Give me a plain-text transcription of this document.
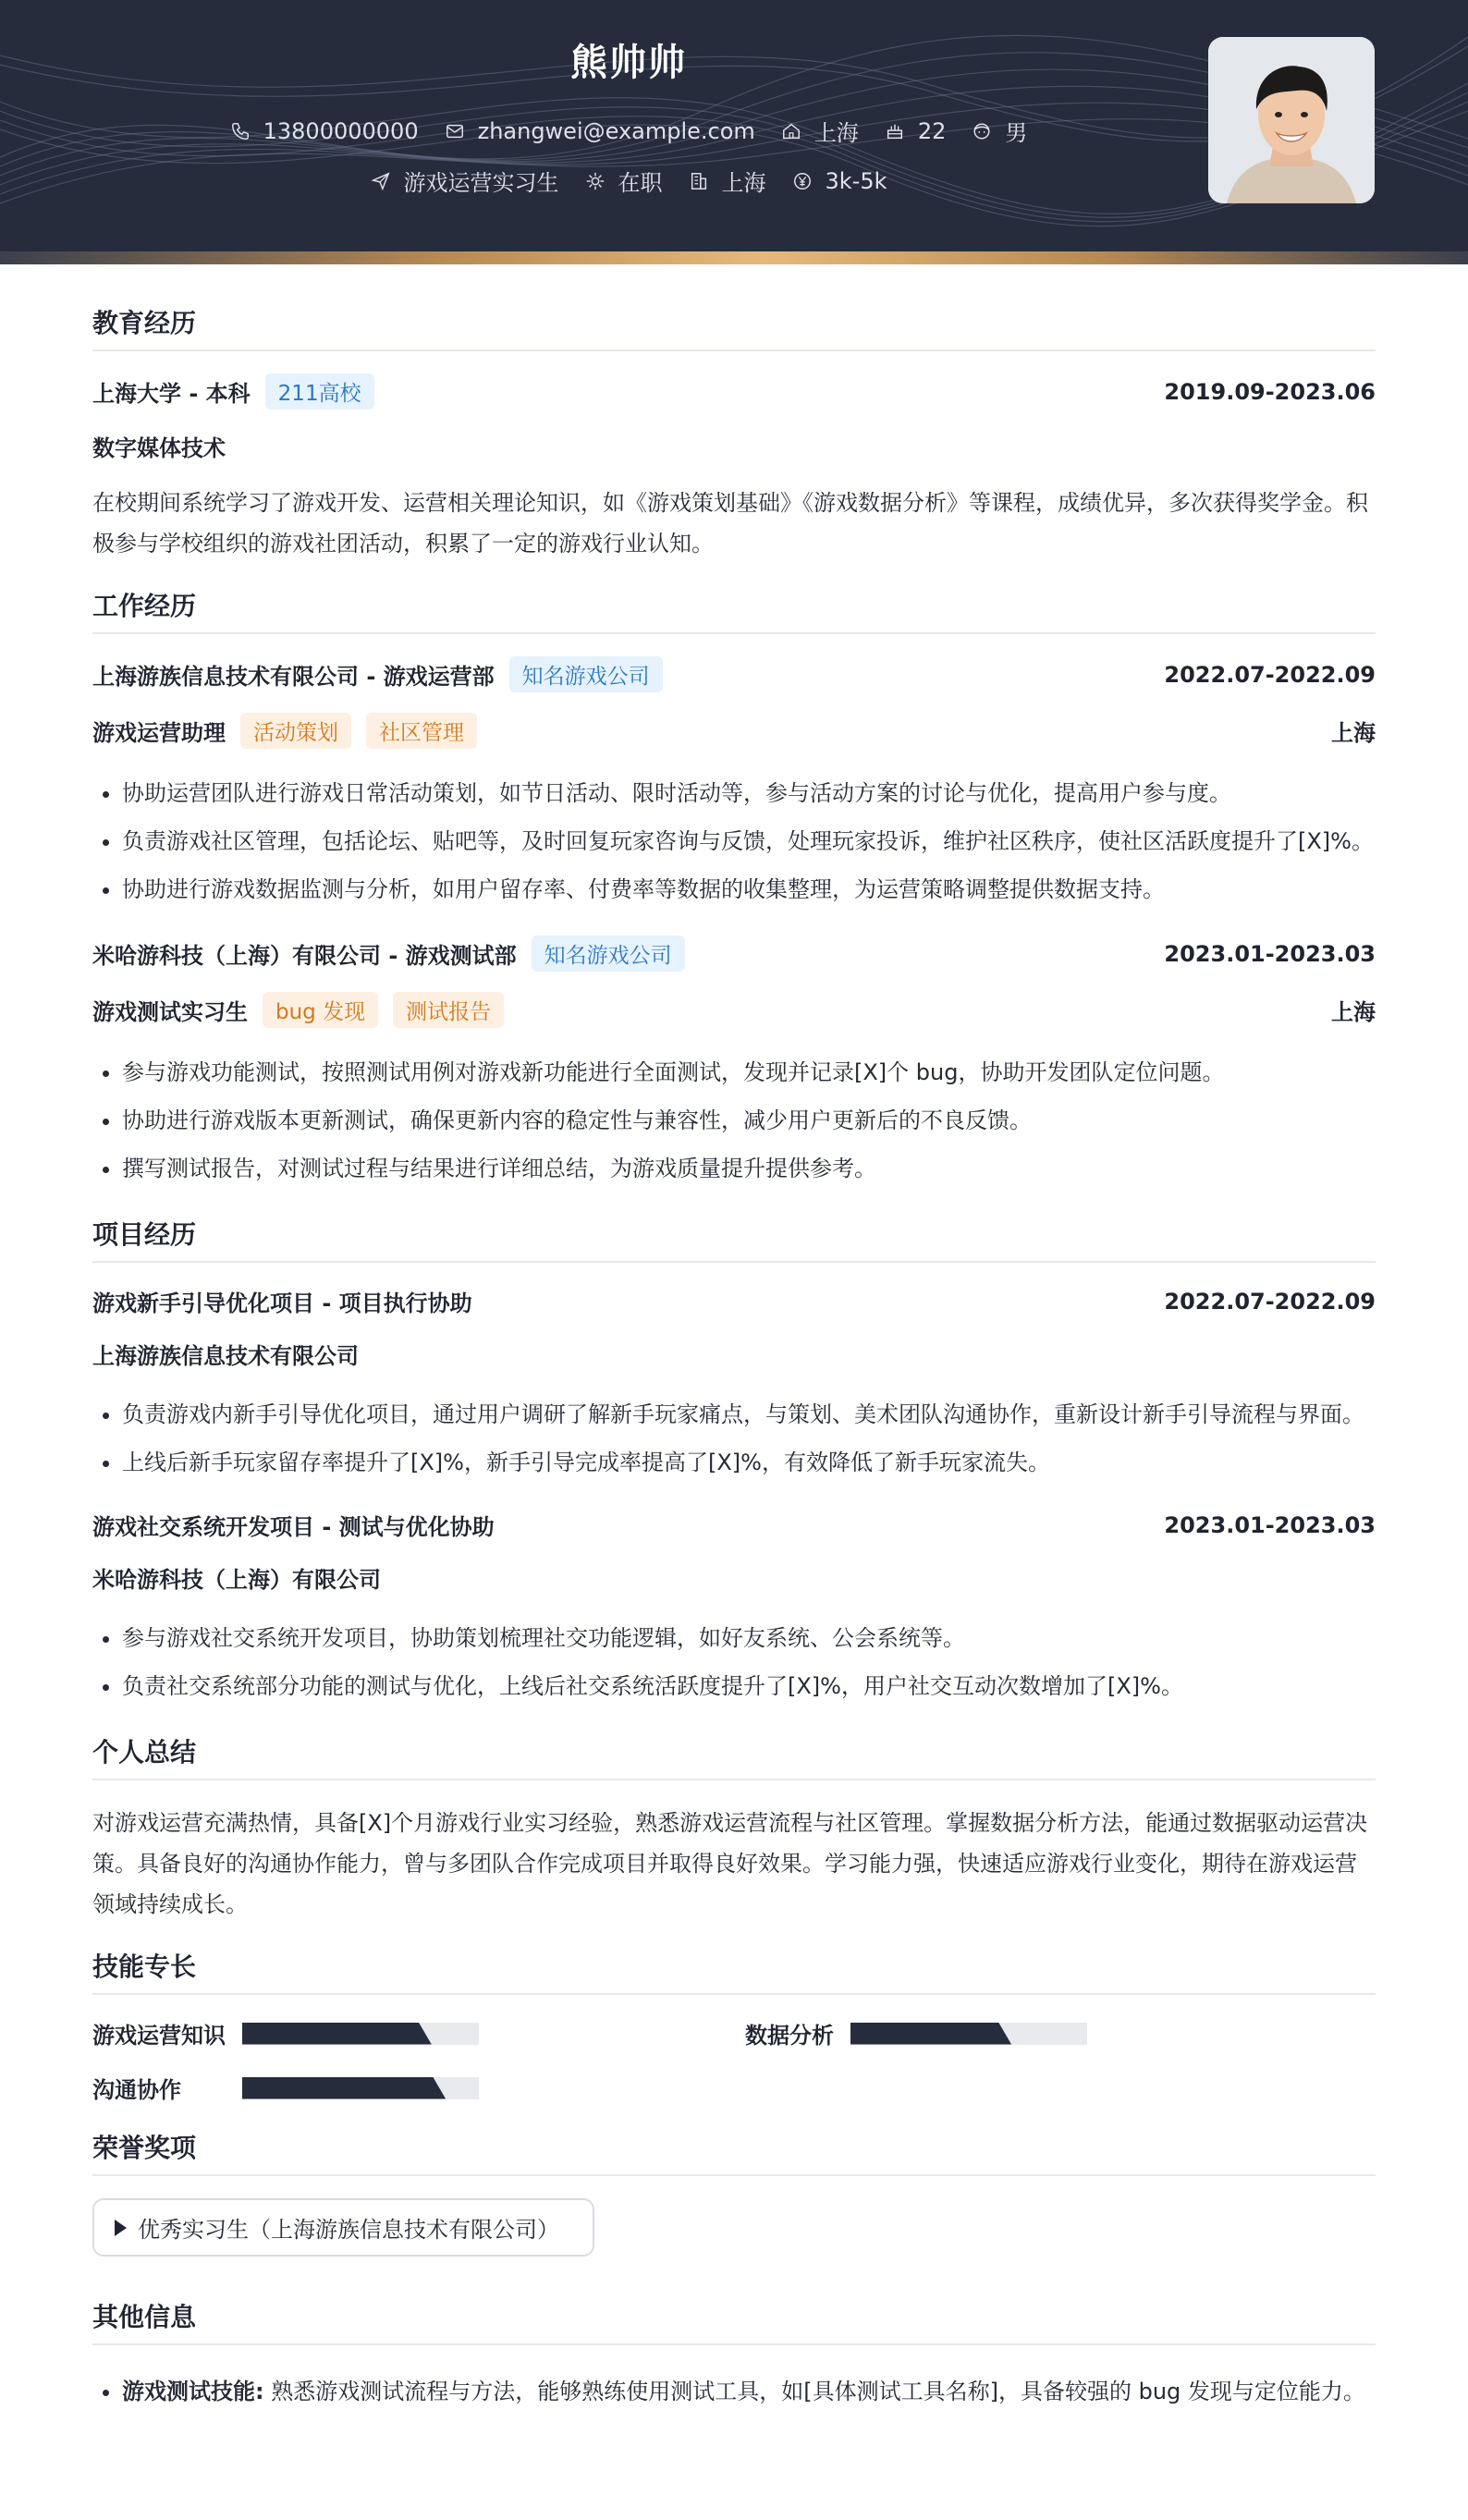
熊帅帅
13800000000	zhangwei@example.com	上海	22	男
游戏运营实习生	在职	上海	3k-5k
教育经历
上海大学 - 本科	211高校	2019.09-2023.06
数字媒体技术

在校期间系统学习了游戏开发、运营相关理论知识，如《游戏策划基础》《游戏数据分析》等课程，成绩优异，多次获得奖学金。积极参与学校组织的游戏社团活动，积累了一定的游戏行业认知。

工作经历
上海游族信息技术有限公司 - 游戏运营部	知名游戏公司	2022.07-2022.09
游戏运营助理	活动策划	社区管理	上海
• 协助运营团队进行游戏日常活动策划，如节日活动、限时活动等，参与活动方案的讨论与优化，提高用户参与度。
• 负责游戏社区管理，包括论坛、贴吧等，及时回复玩家咨询与反馈，处理玩家投诉，维护社区秩序，使社区活跃度提升了[X]%。
• 协助进行游戏数据监测与分析，如用户留存率、付费率等数据的收集整理，为运营策略调整提供数据支持。
米哈游科技（上海）有限公司 - 游戏测试部	知名游戏公司	2023.01-2023.03
游戏测试实习生	bug 发现	测试报告	上海
• 参与游戏功能测试，按照测试用例对游戏新功能进行全面测试，发现并记录[X]个 bug，协助开发团队定位问题。
• 协助进行游戏版本更新测试，确保更新内容的稳定性与兼容性，减少用户更新后的不良反馈。
• 撰写测试报告，对测试过程与结果进行详细总结，为游戏质量提升提供参考。
项目经历
游戏新手引导优化项目 - 项目执行协助	2022.07-2022.09
上海游族信息技术有限公司
• 负责游戏内新手引导优化项目，通过用户调研了解新手玩家痛点，与策划、美术团队沟通协作，重新设计新手引导流程与界面。
• 上线后新手玩家留存率提升了[X]%，新手引导完成率提高了[X]%，有效降低了新手玩家流失。
游戏社交系统开发项目 - 测试与优化协助	2023.01-2023.03
米哈游科技（上海）有限公司
• 参与游戏社交系统开发项目，协助策划梳理社交功能逻辑，如好友系统、公会系统等。
• 负责社交系统部分功能的测试与优化，上线后社交系统活跃度提升了[X]%，用户社交互动次数增加了[X]%。
个人总结

对游戏运营充满热情，具备[X]个月游戏行业实习经验，熟悉游戏运营流程与社区管理。掌握数据分析方法，能通过数据驱动运营决策。具备良好的沟通协作能力，曾与多团队合作完成项目并取得良好效果。学习能力强，快速适应游戏行业变化，期待在游戏运营领域持续成长。

技能专长
游戏运营知识	数据分析
沟通协作
荣誉奖项
优秀实习生（上海游族信息技术有限公司）
其他信息
• 游戏测试技能: 熟悉游戏测试流程与方法，能够熟练使用测试工具，如[具体测试工具名称]，具备较强的 bug 发现与定位能力。
